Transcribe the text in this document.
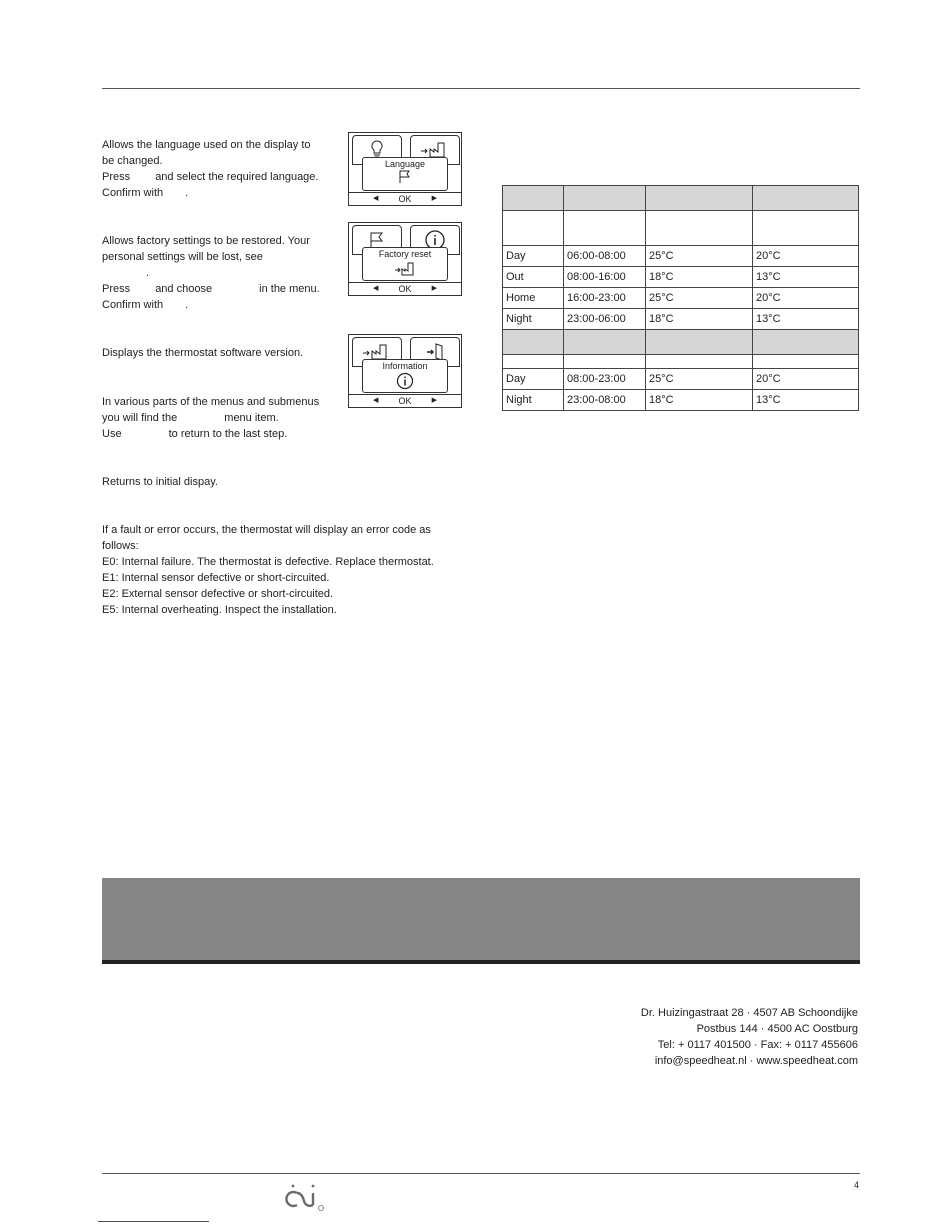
Allows the language used on the display to
be changed.
Press and select the required language.
Confirm with .
Language
◀ OK	▶
Allows factory settings to be restored. Your
personal settings will be lost, see
.
Press and choose	in the menu.
Confirm with .
Factory reset
◀ OK	▶
Displays the thermostat software version.
Information
◀ OK	▶
In various parts of the menus and submenus
you will find the	menu item.
Use	to return to the last step.
Returns to initial dispay.
If a fault or error occurs, the thermostat will display an error code as
follows:
E0: Internal failure. The thermostat is defective. Replace thermostat.
E1: Internal sensor defective or short-circuited.
E2: External sensor defective or short-circuited.
E5: Internal overheating. Inspect the installation.

Day	06:00-08:00	25°C	20°C
Out	08:00-16:00	18°C	13°C
Home	16:00-23:00	25°C	20°C
Night	23:00-06:00	18°C	13°C

Day	08:00-23:00	25°C	20°C
Night	23:00-08:00	18°C	13°C
Dr. Huizingastraat 28 · 4507 AB Schoondijke
Postbus 144 · 4500 AC Oostburg
Tel: + 0117 401500 · Fax: + 0117 455606
info@speedheat.nl · www.speedheat.com
4
